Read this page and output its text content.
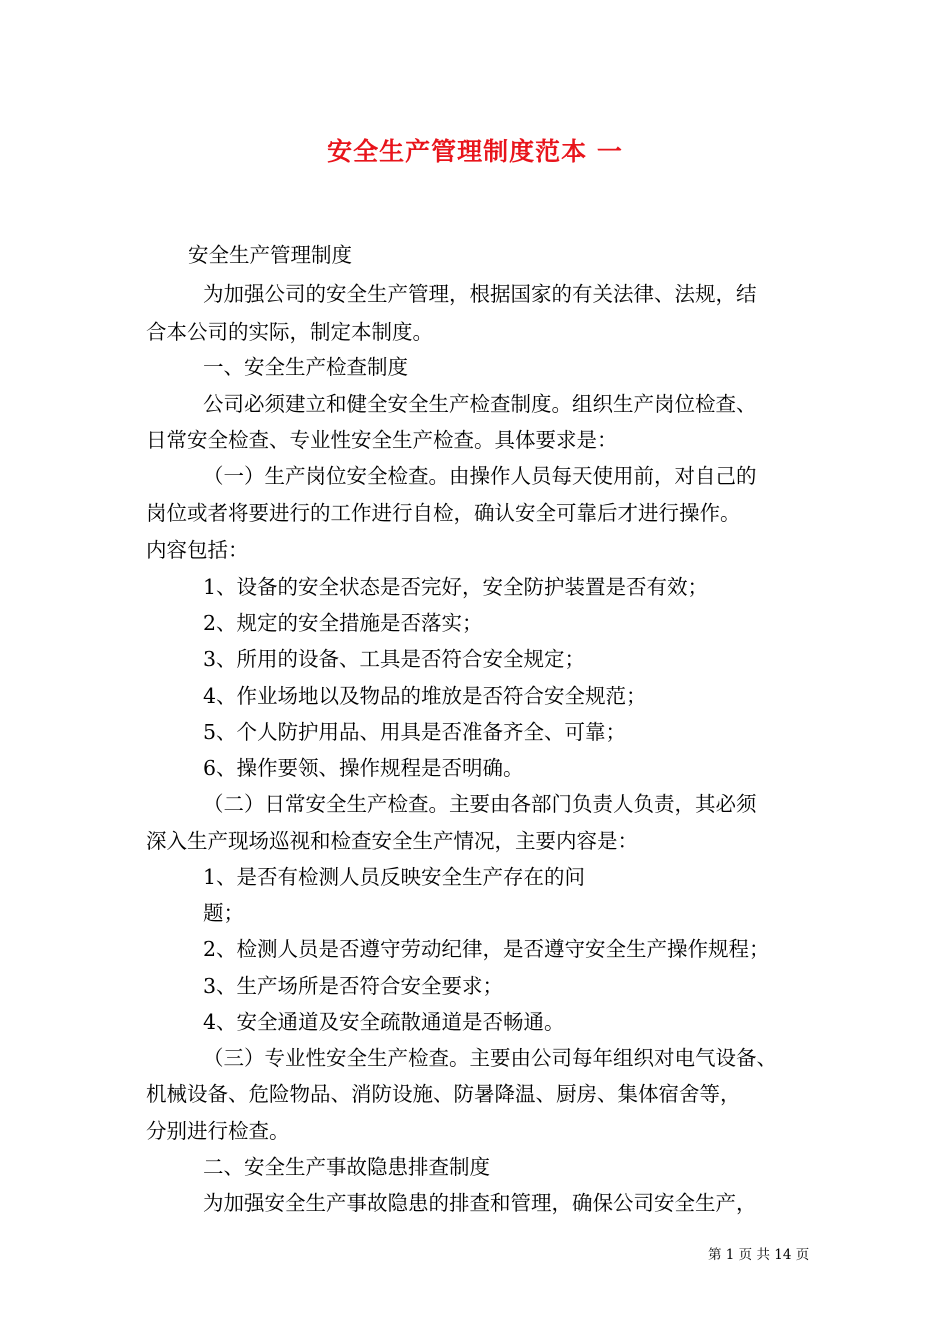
安全生产管理制度范本 一
安全生产管理制度
为加强公司的安全生产管理，根据国家的有关法律、法规，结
合本公司的实际，制定本制度。
一、安全生产检查制度
公司必须建立和健全安全生产检查制度。组织生产岗位检查、
日常安全检查、专业性安全生产检查。具体要求是：
（一）生产岗位安全检查。由操作人员每天使用前，对自己的
岗位或者将要进行的工作进行自检，确认安全可靠后才进行操作。
内容包括：
1、设备的安全状态是否完好，安全防护装置是否有效；
2、规定的安全措施是否落实；
3、所用的设备、工具是否符合安全规定；
4、作业场地以及物品的堆放是否符合安全规范；
5、个人防护用品、用具是否准备齐全、可靠；
6、操作要领、操作规程是否明确。
（二）日常安全生产检查。主要由各部门负责人负责，其必须
深入生产现场巡视和检查安全生产情况，主要内容是：
1、是否有检测人员反映安全生产存在的问
题；
2、检测人员是否遵守劳动纪律，是否遵守安全生产操作规程；
3、生产场所是否符合安全要求；
4、安全通道及安全疏散通道是否畅通。
（三）专业性安全生产检查。主要由公司每年组织对电气设备、
机械设备、危险物品、消防设施、防暑降温、厨房、集体宿舍等，
分别进行检查。
二、安全生产事故隐患排查制度
为加强安全生产事故隐患的排查和管理，确保公司安全生产，
第 1 页 共 14 页
